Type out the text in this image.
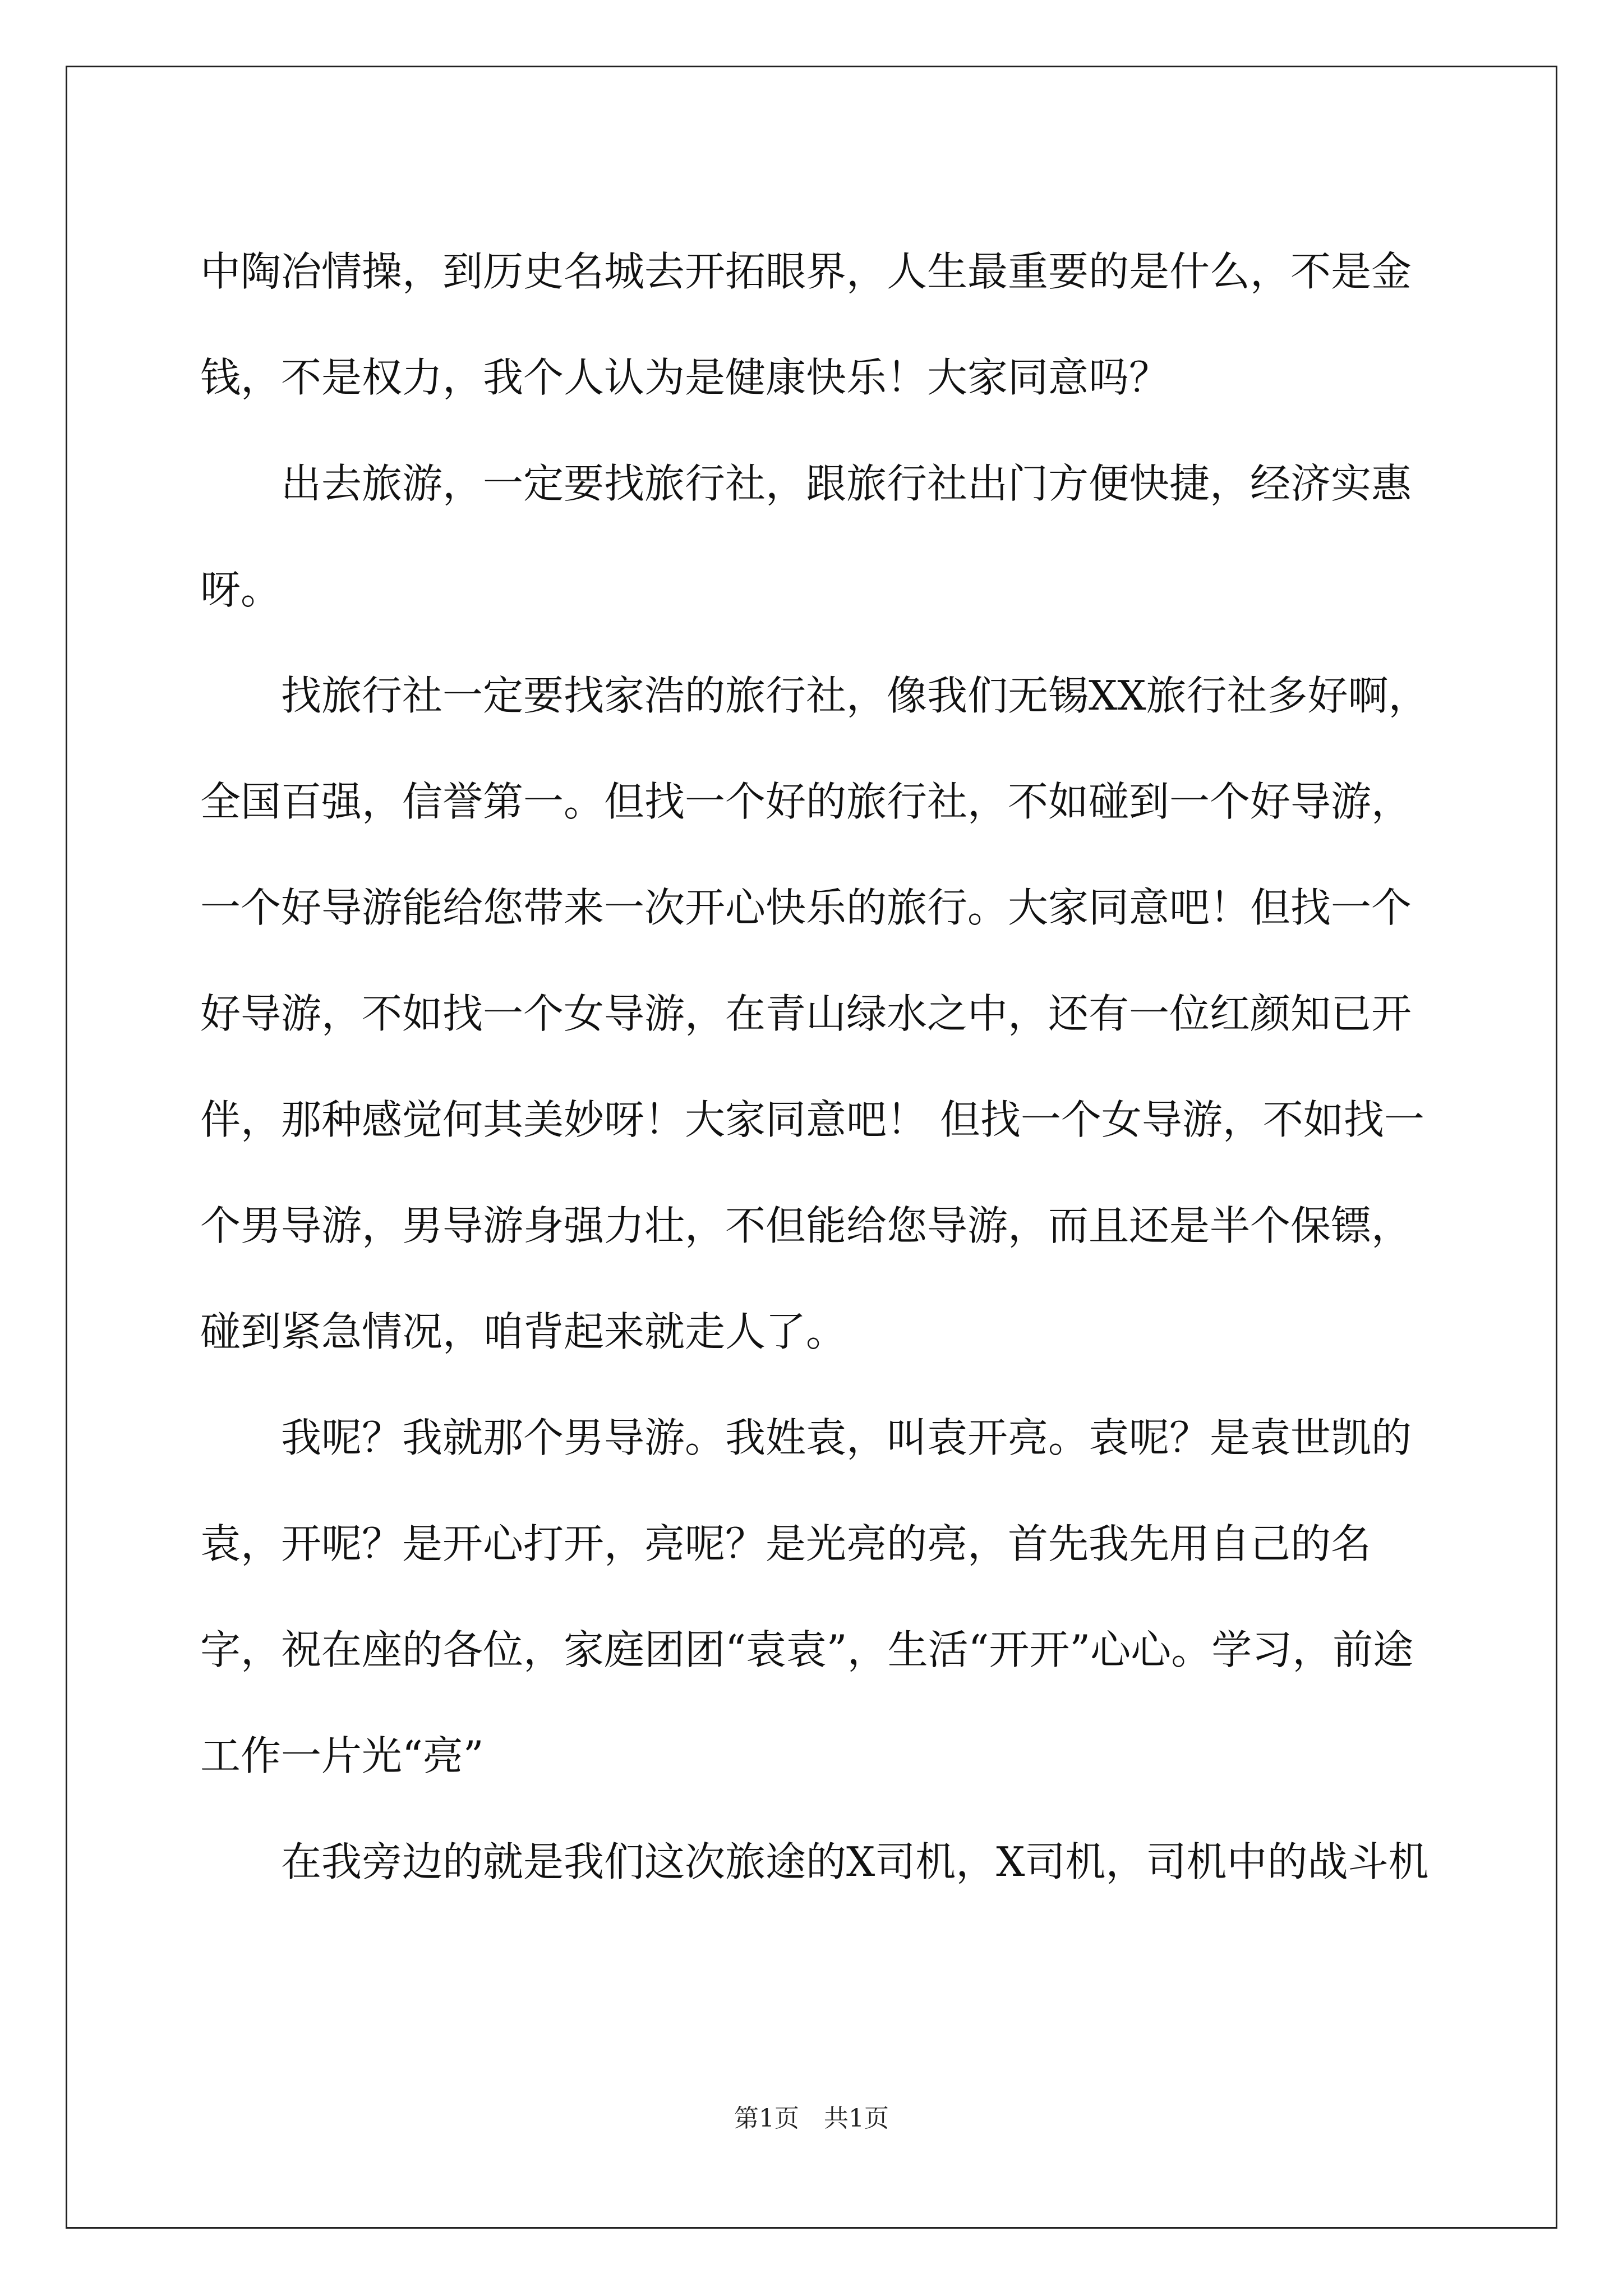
中陶冶情操，到历史名城去开拓眼界，人生最重要的是什么，不是金钱，不是权力，我个人认为是健康快乐！大家同意吗？

出去旅游，一定要找旅行社，跟旅行社出门方便快捷，经济实惠呀。

找旅行社一定要找家浩的旅行社，像我们无锡XX旅行社多好啊，全国百强，信誉第一。但找一个好的旅行社，不如碰到一个好导游，一个好导游能给您带来一次开心快乐的旅行。大家同意吧！但找一个好导游，不如找一个女导游，在青山绿水之中，还有一位红颜知已开伴，那种感觉何其美妙呀！大家同意吧！ 但找一个女导游，不如找一个男导游，男导游身强力壮，不但能给您导游，而且还是半个保镖，碰到紧急情况，咱背起来就走人了。

我呢？我就那个男导游。我姓袁，叫袁开亮。袁呢？是袁世凯的袁，开呢？是开心打开，亮呢？是光亮的亮，首先我先用自己的名字，祝在座的各位，家庭团团“袁袁”，生活“开开”心心。学习，前途工作一片光“亮”

在我旁边的就是我们这次旅途的X司机，X司机，司机中的战斗机

第1页　共1页
